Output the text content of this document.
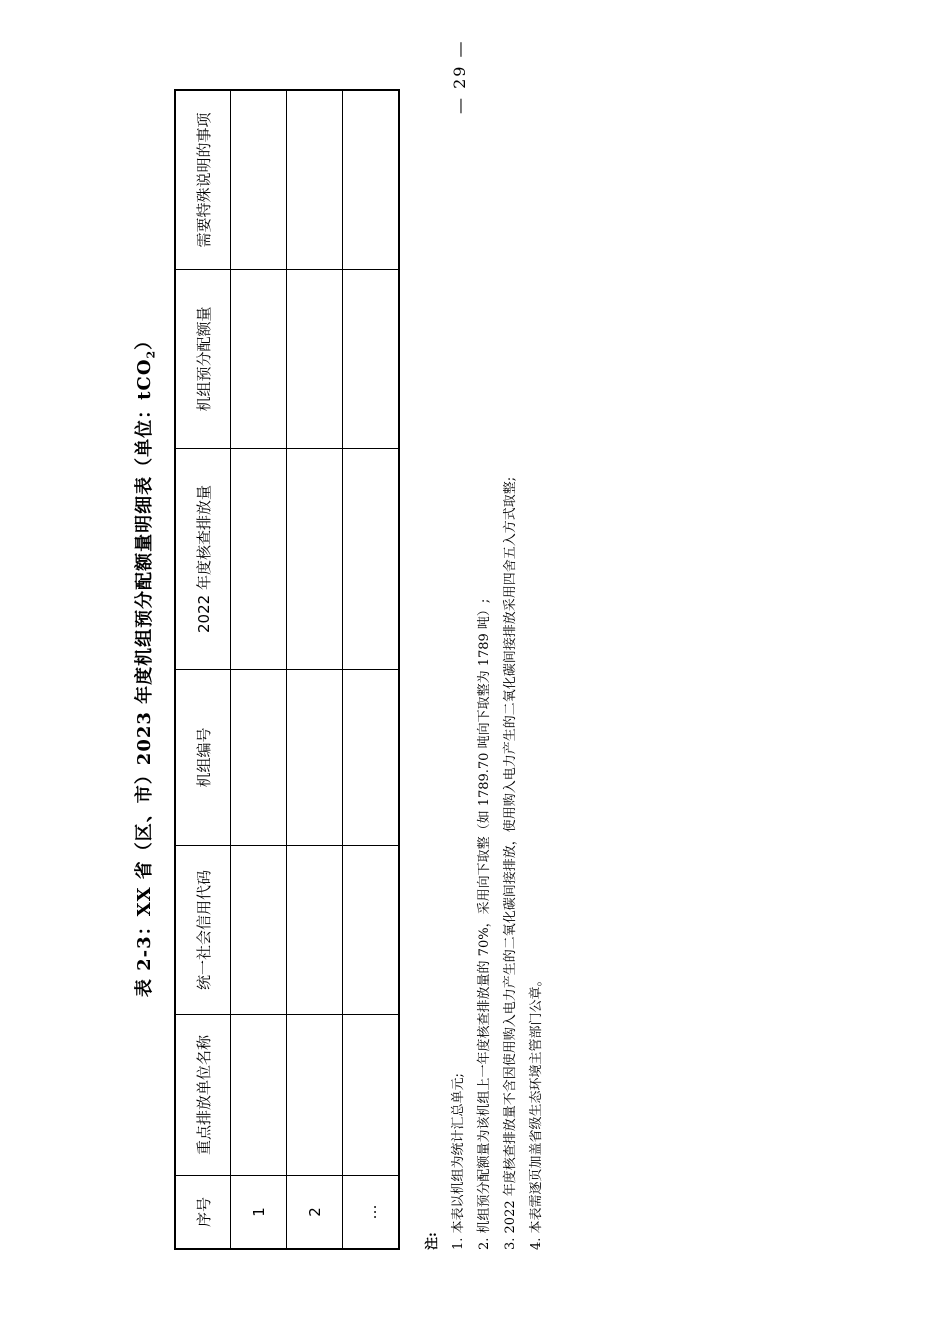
表 2-3：XX 省（区、市）2023 年度机组预分配额量明细表（单位：tCO$_2$）
序号	重点排放单位名称	统一社会信用代码	机组编号	2022 年度核查排放量	机组预分配额量	需要特殊说明的事项
1						
2						
…						
注: 1. 本表以机组为统计汇总单元; 2. 机组预分配额量为该机组上一年度核查排放量的 70%，采用向下取整（如 1789.70 吨向下取整为 1789 吨）; 3. 2022 年度核查排放量不含因使用购入电力产生的二氧化碳间接排放，使用购入电力产生的二氧化碳间接排放采用四舍五入方式取整; 4. 本表需逐页加盖省级生态环境主管部门公章。
— 29 —
